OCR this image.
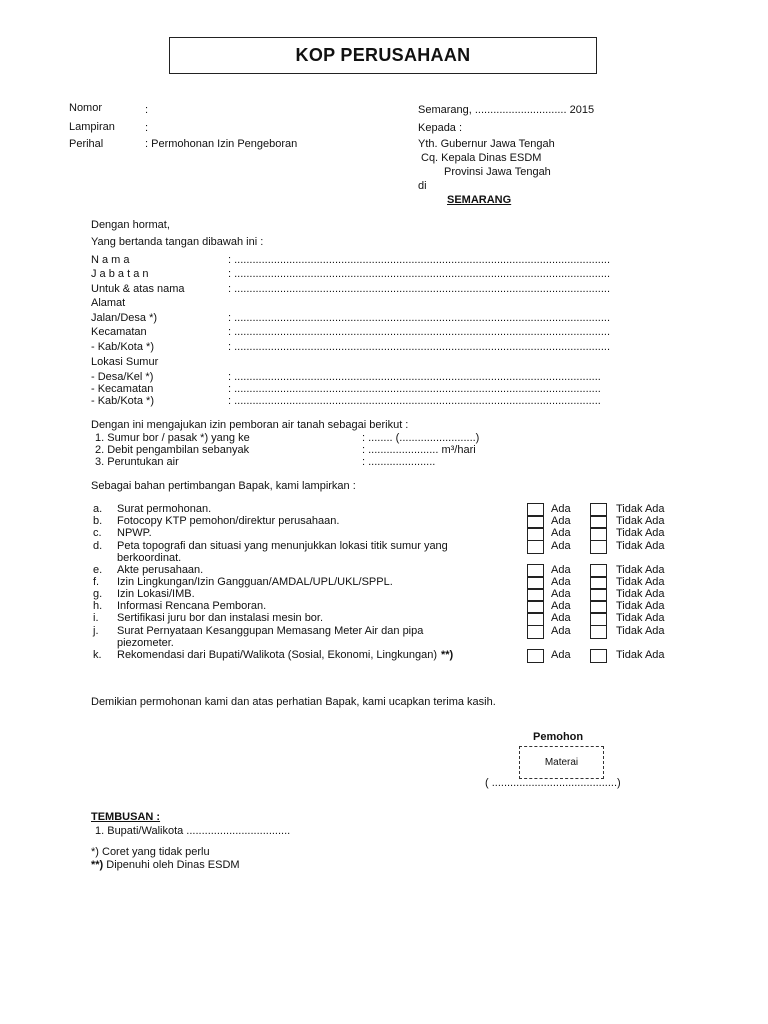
KOP PERUSAHAAN
Nomor	:
Lampiran	:
Perihal	: Permohonan Izin Pengeboran
Semarang, .............................. 2015
Kepada :
Yth. Gubernur Jawa Tengah
Cq. Kepala Dinas ESDM
Provinsi Jawa Tengah
di
SEMARANG
Dengan hormat,
Yang bertanda tangan dibawah ini :
N a m a	: ...........................................................................................................................
J a b a t a n	: ...........................................................................................................................
Untuk & atas nama	: ...........................................................................................................................
Alamat
Jalan/Desa *)	: ...........................................................................................................................
Kecamatan	: ...........................................................................................................................
- Kab/Kota *)	: ...........................................................................................................................
Lokasi Sumur
- Desa/Kel *)	: ........................................................................................................................
- Kecamatan	: ........................................................................................................................
- Kab/Kota *)	: ........................................................................................................................
Dengan ini mengajukan izin pemboran air tanah sebagai berikut :
1. Sumur bor / pasak *) yang ke	: ........ (.........................)
2. Debit pengambilan sebanyak	: ....................... m³/hari
3. Peruntukan air	: ......................
Sebagai bahan pertimbangan Bapak, kami lampirkan :
a. Surat permohonan.	Ada	Tidak Ada
b. Fotocopy KTP pemohon/direktur perusahaan.	Ada	Tidak Ada
c. NPWP.	Ada	Tidak Ada
d. Peta topografi dan situasi yang menunjukkan lokasi titik sumur yang
berkoordinat.
Ada	Tidak Ada
e. Akte perusahaan.	Ada	Tidak Ada
f. Izin Lingkungan/Izin Gangguan/AMDAL/UPL/UKL/SPPL.	Ada	Tidak Ada
g. Izin Lokasi/IMB.	Ada	Tidak Ada
h. Informasi Rencana Pemboran.	Ada	Tidak Ada
i. Sertifikasi juru bor dan instalasi mesin bor.	Ada	Tidak Ada
j. Surat Pernyataan Kesanggupan Memasang Meter Air dan pipa
piezometer.
Ada	Tidak Ada
k. Rekomendasi dari Bupati/Walikota (Sosial, Ekonomi, Lingkungan) **)	Ada	Tidak Ada
Demikian permohonan kami dan atas perhatian Bapak, kami ucapkan terima kasih.
Pemohon
Materai
( .........................................)
TEMBUSAN :
1. Bupati/Walikota ..................................
*) Coret yang tidak perlu
**) Dipenuhi oleh Dinas ESDM
